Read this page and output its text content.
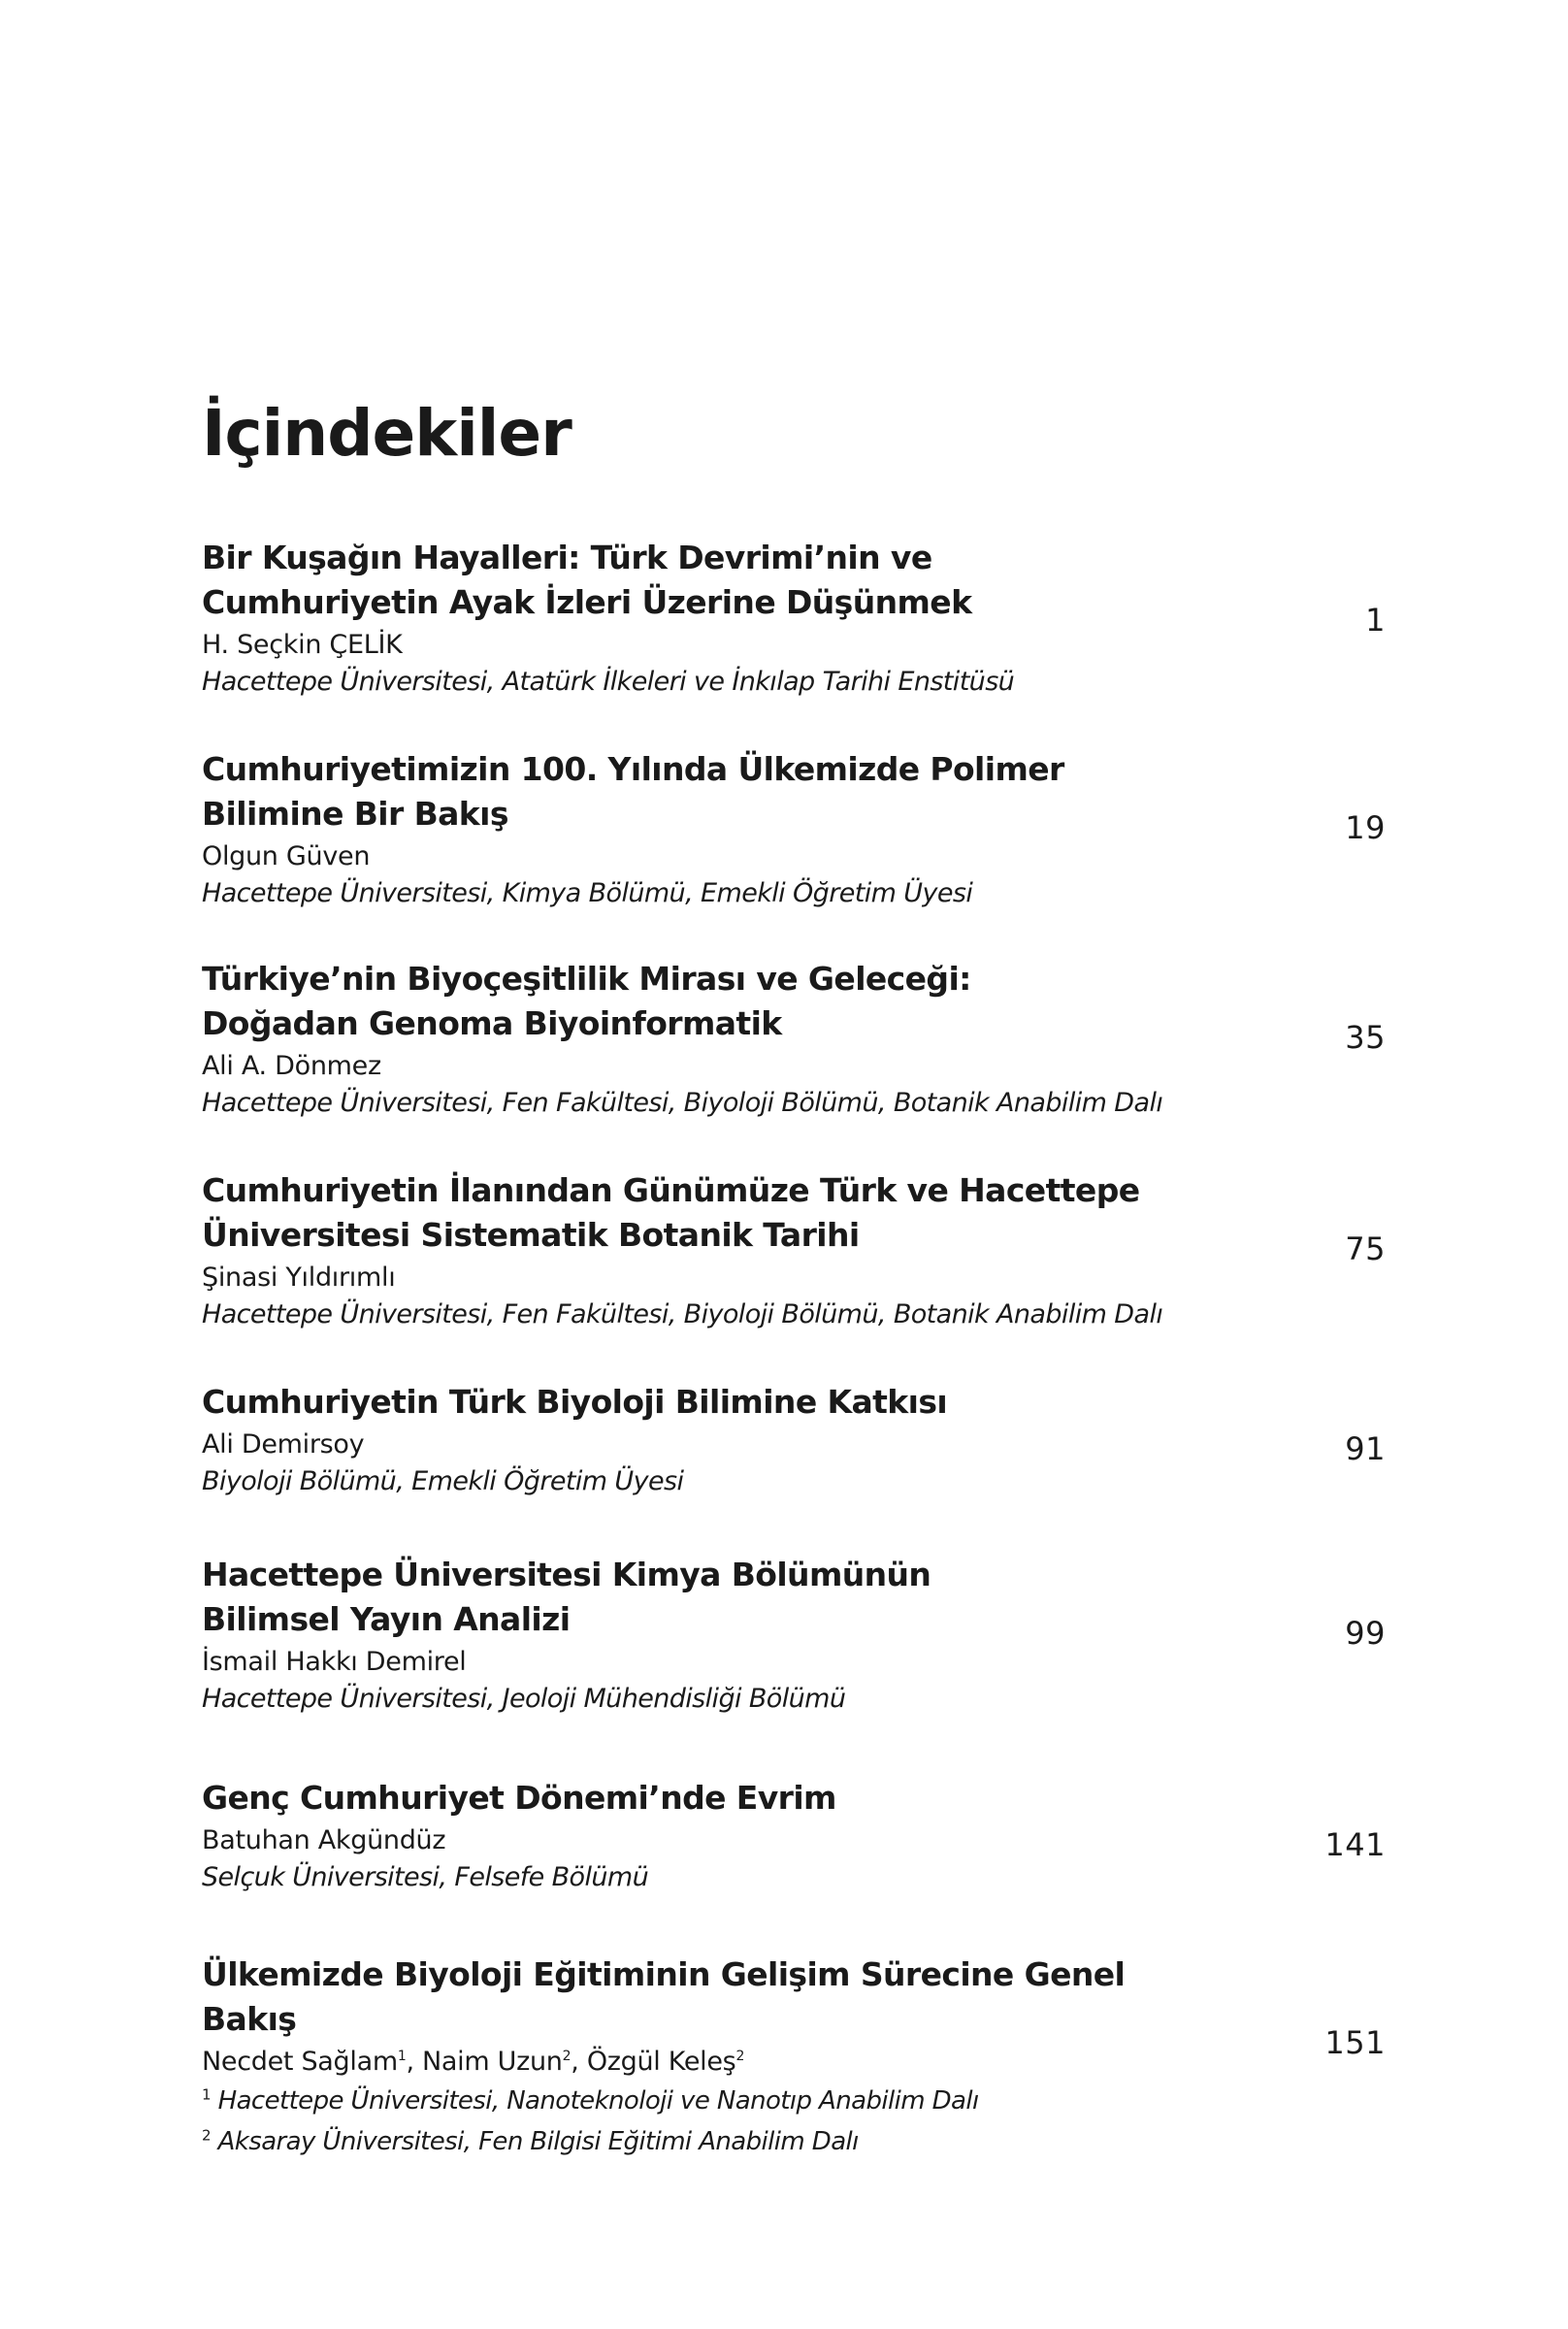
İçindekiler
Bir Kuşağın Hayalleri: Türk Devrimi’nin ve
Cumhuriyetin Ayak İzleri Üzerine Düşünmek
H. Seçkin ÇELİK
Hacettepe Üniversitesi, Atatürk İlkeleri ve İnkılap Tarihi Enstitüsü
1
Cumhuriyetimizin 100. Yılında Ülkemizde Polimer
Bilimine Bir Bakış
Olgun Güven
Hacettepe Üniversitesi, Kimya Bölümü, Emekli Öğretim Üyesi
19
Türkiye’nin Biyoçeşitlilik Mirası ve Geleceği:
Doğadan Genoma Biyoinformatik
Ali A. Dönmez
Hacettepe Üniversitesi, Fen Fakültesi, Biyoloji Bölümü, Botanik Anabilim Dalı
35
Cumhuriyetin İlanından Günümüze Türk ve Hacettepe
Üniversitesi Sistematik Botanik Tarihi
Şinasi Yıldırımlı
Hacettepe Üniversitesi, Fen Fakültesi, Biyoloji Bölümü, Botanik Anabilim Dalı
75
Cumhuriyetin Türk Biyoloji Bilimine Katkısı
Ali Demirsoy
Biyoloji Bölümü, Emekli Öğretim Üyesi
91
Hacettepe Üniversitesi Kimya Bölümünün
Bilimsel Yayın Analizi
İsmail Hakkı Demirel
Hacettepe Üniversitesi, Jeoloji Mühendisliği Bölümü
99
Genç Cumhuriyet Dönemi’nde Evrim
Batuhan Akgündüz
Selçuk Üniversitesi, Felsefe Bölümü
141
Ülkemizde Biyoloji Eğitiminin Gelişim Sürecine Genel Bakış
Necdet Sağlam$^1$, Naim Uzun$^2$, Özgül Keleş$^2$
$^1$ Hacettepe Üniversitesi, Nanoteknoloji ve Nanotıp Anabilim Dalı
$^2$ Aksaray Üniversitesi, Fen Bilgisi Eğitimi Anabilim Dalı
151
